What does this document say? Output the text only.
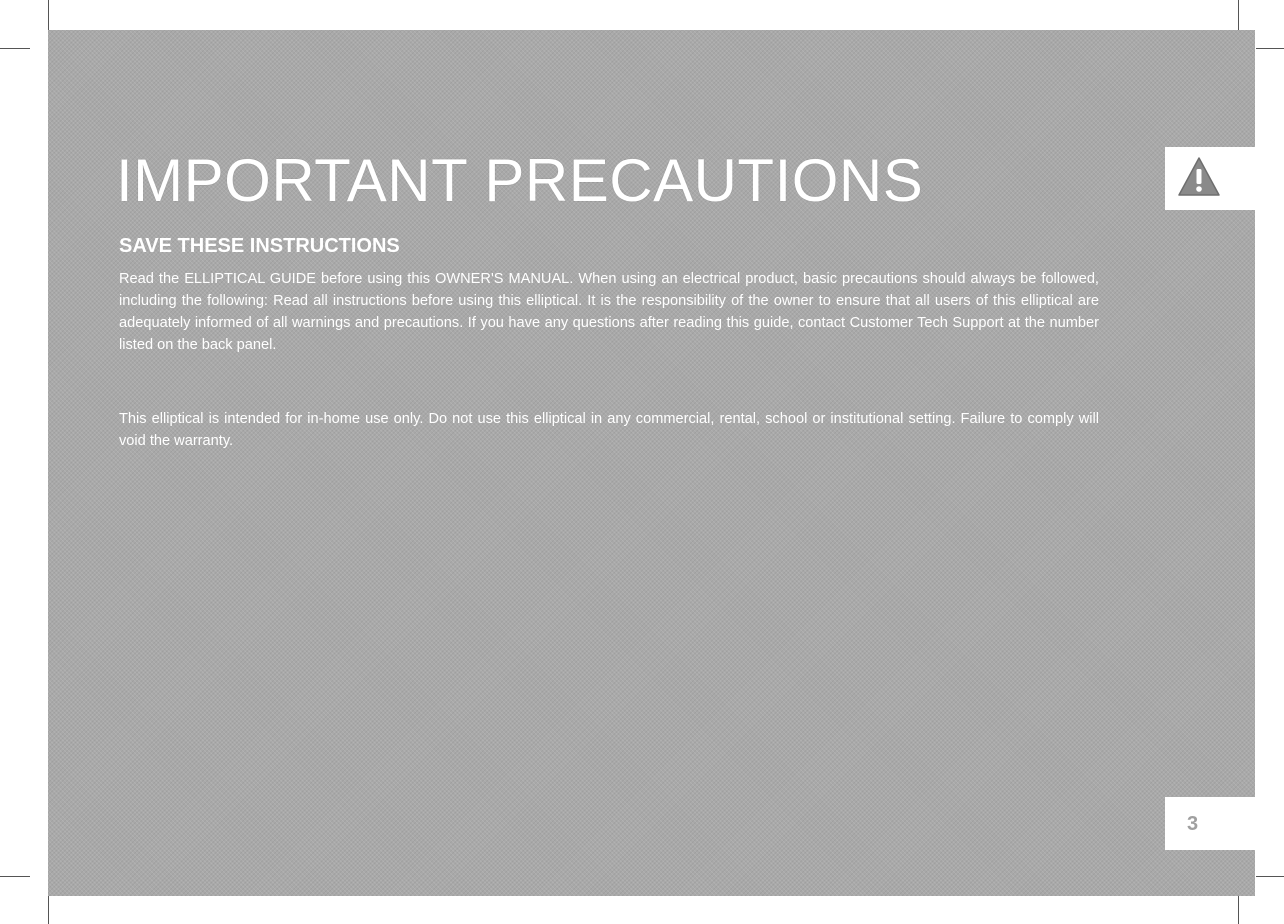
IMPORTANT PRECAUTIONS
SAVE THESE INSTRUCTIONS

Read the ELLIPTICAL GUIDE before using this OWNER'S MANUAL. When using an electrical product, basic precautions should always be followed, including the following: Read all instructions before using this elliptical. It is the responsibility of the owner to ensure that all users of this elliptical are adequately informed of all warnings and precautions. If you have any questions after reading this guide, contact Customer Tech Support at the number listed on the back panel.

This elliptical is intended for in-home use only. Do not use this elliptical in any commercial, rental, school or institutional setting. Failure to comply will void the warranty.

3
